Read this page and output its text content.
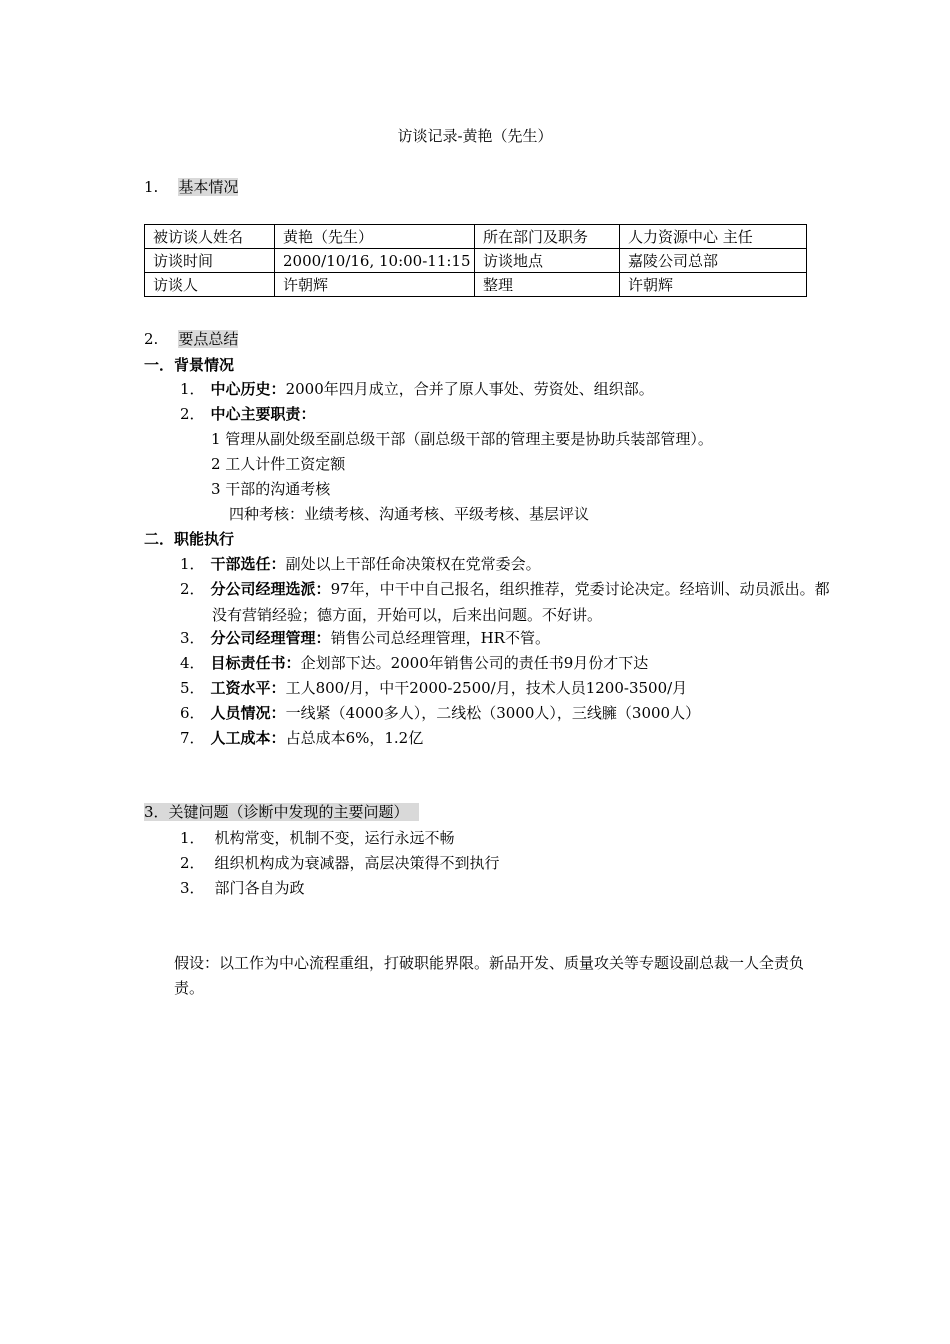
访谈记录-黄艳（先生）
1. 基本情况
被访谈人姓名	黄艳（先生）	所在部门及职务	人力资源中心 主任
访谈时间	2000/10/16, 10:00-11:15	访谈地点	嘉陵公司总部
访谈人	许朝辉	整理	许朝辉
2. 要点总结
一．背景情况
1． 中心历史：2000年四月成立，合并了原人事处、劳资处、组织部。
2． 中心主要职责：
1 管理从副处级至副总级干部（副总级干部的管理主要是协助兵装部管理）。
2 工人计件工资定额
3 干部的沟通考核
四种考核：业绩考核、沟通考核、平级考核、基层评议
二．职能执行
1． 干部选任：副处以上干部任命决策权在党常委会。
2． 分公司经理选派：97年，中干中自己报名，组织推荐，党委讨论决定。经培训、动员派出。都没有营销经验；德方面，开始可以，后来出问题。不好讲。
3． 分公司经理管理：销售公司总经理管理，HR不管。
4． 目标责任书：企划部下达。2000年销售公司的责任书9月份才下达
5． 工资水平：工人800/月，中干2000-2500/月，技术人员1200-3500/月
6． 人员情况：一线紧（4000多人），二线松（3000人），三线臃（3000人）
7． 人工成本：占总成本6%，1.2亿
3．关键问题（诊断中发现的主要问题）
1． 机构常变，机制不变，运行永远不畅
2． 组织机构成为衰减器，高层决策得不到执行
3． 部门各自为政
假设：以工作为中心流程重组，打破职能界限。新品开发、质量攻关等专题设副总裁一人全责负责。
